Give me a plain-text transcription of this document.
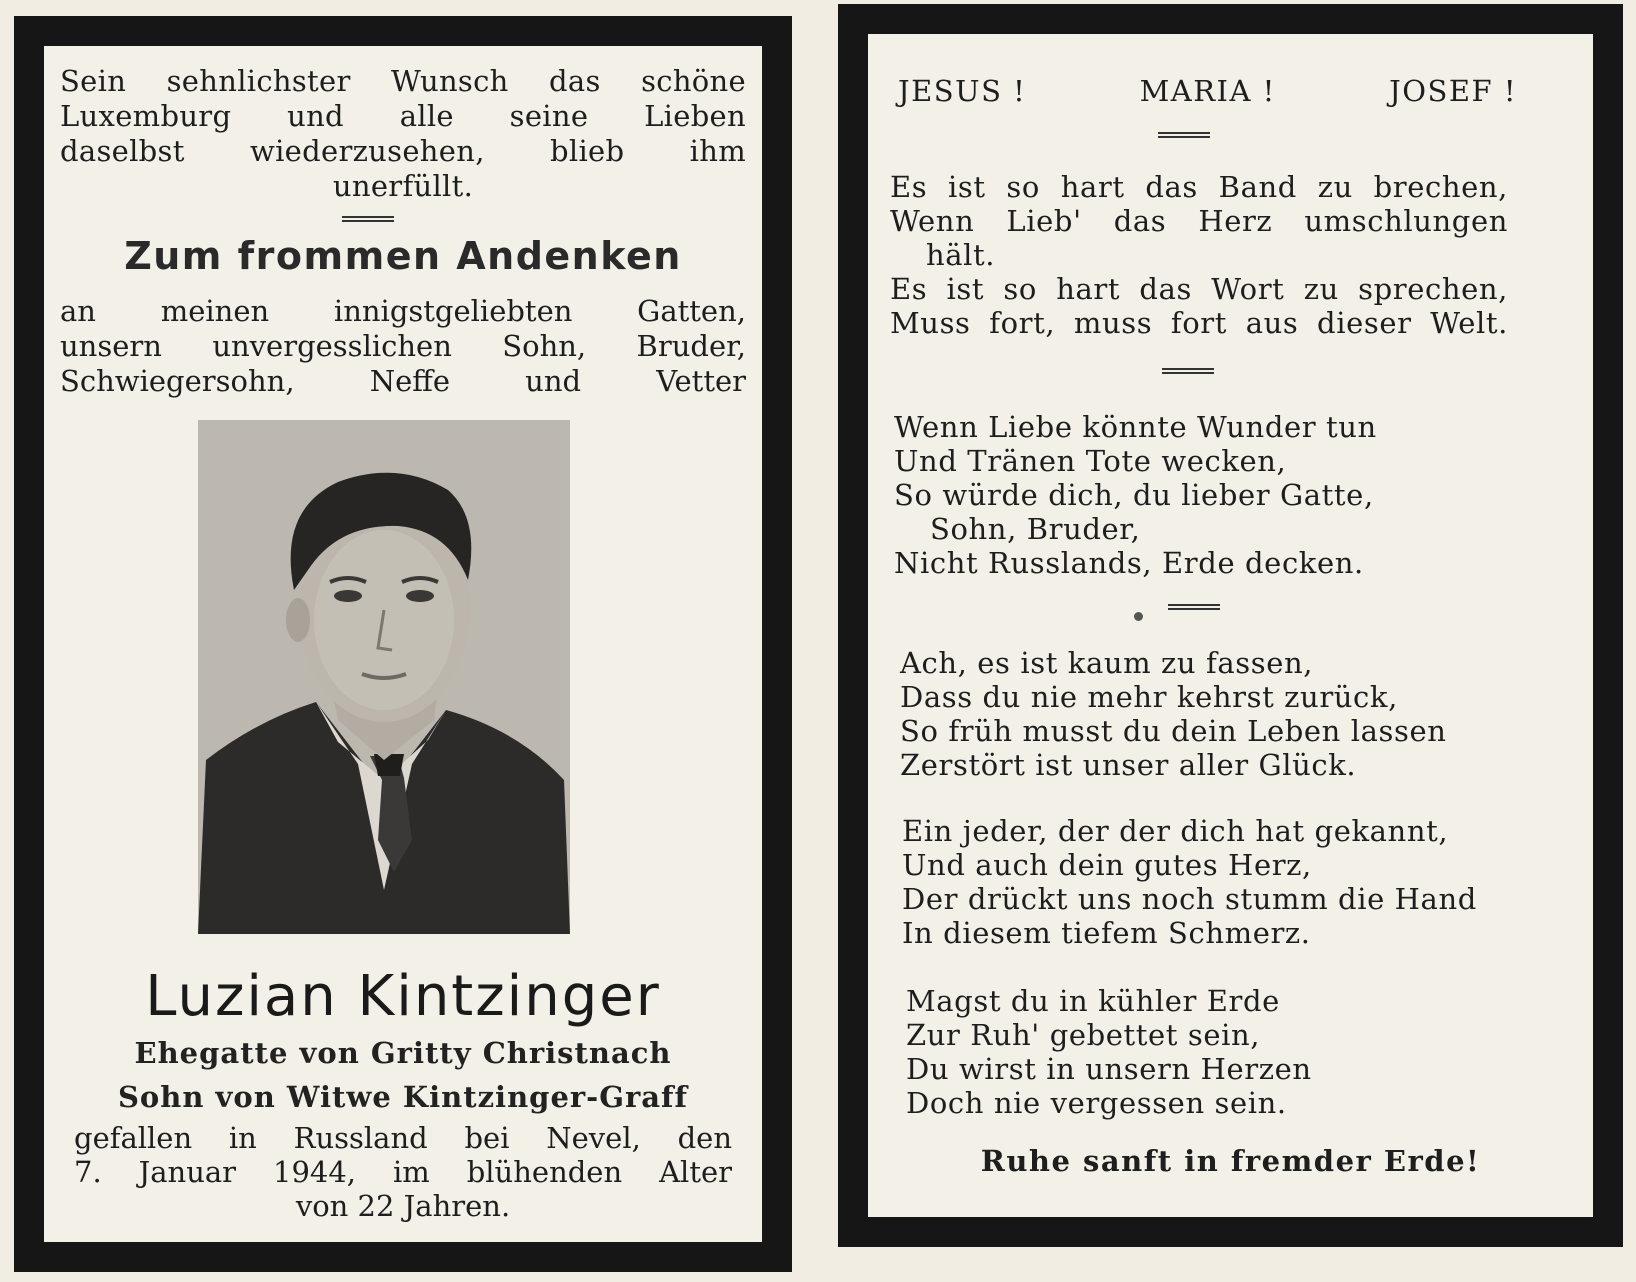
Sein sehnlichster Wunsch das schöne
Luxemburg und alle seine Lieben
daselbst wiederzusehen, blieb ihm
unerfüllt.
Zum frommen Andenken
an meinen innigstgeliebten Gatten,
unsern unvergesslichen Sohn, Bruder,
Schwiegersohn, Neffe und Vetter
Luzian Kintzinger
Ehegatte von Gritty Christnach
Sohn von Witwe Kintzinger-Graff
gefallen in Russland bei Nevel, den
7. Januar 1944, im blühenden Alter
von 22 Jahren.
JESUS !	MARIA !	JOSEF !
Es ist so hart das Band zu brechen,
Wenn Lieb' das Herz umschlungen
hält.
Es ist so hart das Wort zu sprechen,
Muss fort, muss fort aus dieser Welt.
Wenn Liebe könnte Wunder tun
Und Tränen Tote wecken,
So würde dich, du lieber Gatte,
Sohn, Bruder,
Nicht Russlands, Erde decken.
Ach, es ist kaum zu fassen,
Dass du nie mehr kehrst zurück,
So früh musst du dein Leben lassen
Zerstört ist unser aller Glück.
Ein jeder, der der dich hat gekannt,
Und auch dein gutes Herz,
Der drückt uns noch stumm die Hand
In diesem tiefem Schmerz.
Magst du in kühler Erde
Zur Ruh' gebettet sein,
Du wirst in unsern Herzen
Doch nie vergessen sein.
Ruhe sanft in fremder Erde!
